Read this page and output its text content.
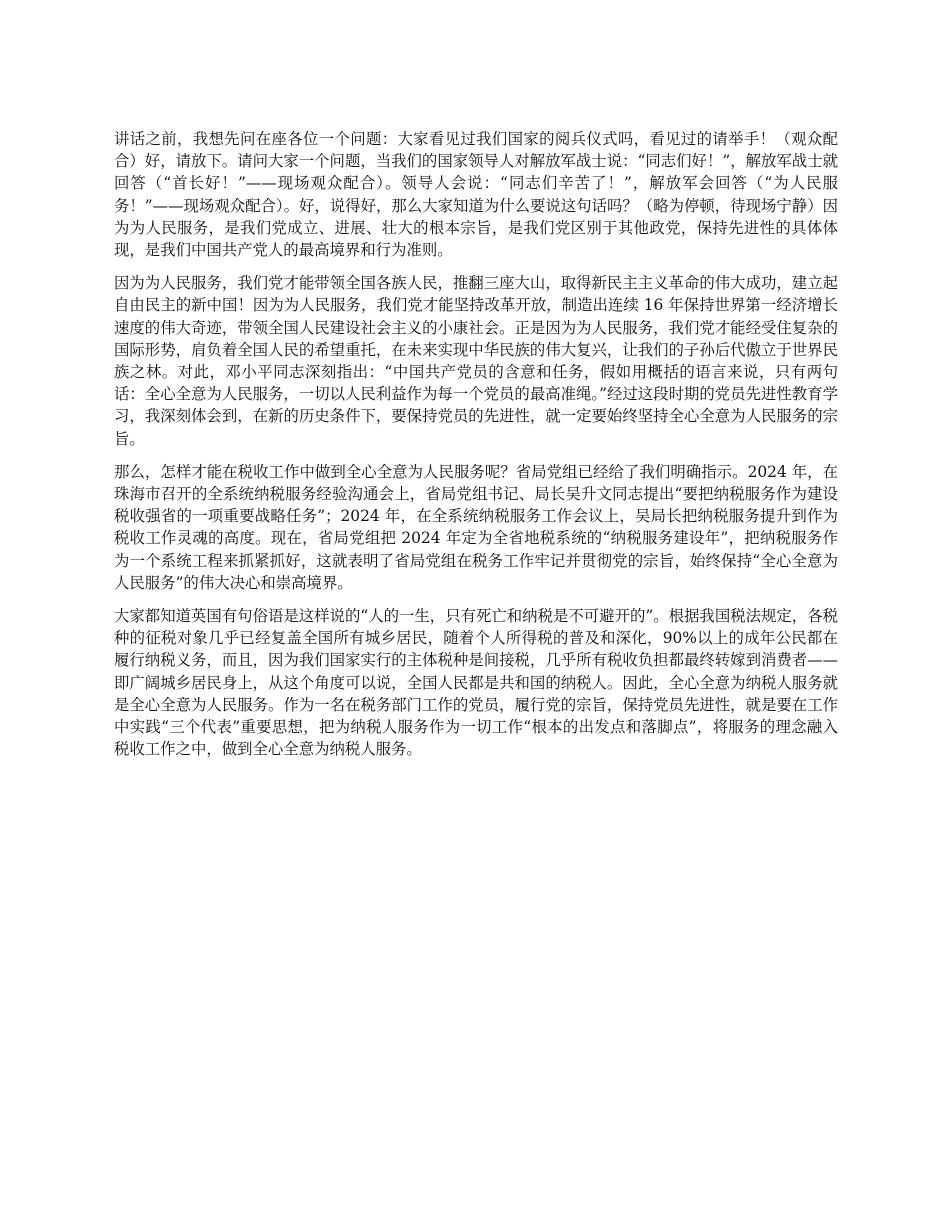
讲话之前，我想先问在座各位一个问题：大家看见过我们国家的阅兵仪式吗，看见过的请举手！（观众配合）好，请放下。请问大家一个问题，当我们的国家领导人对解放军战士说：“同志们好！”，解放军战士就回答（“首长好！”——现场观众配合）。领导人会说：“同志们辛苦了！”，解放军会回答（“为人民服务！”——现场观众配合）。好，说得好，那么大家知道为什么要说这句话吗？（略为停顿，待现场宁静）因为为人民服务，是我们党成立、进展、壮大的根本宗旨，是我们党区别于其他政党，保持先进性的具体体现，是我们中国共产党人的最高境界和行为准则。

因为为人民服务，我们党才能带领全国各族人民，推翻三座大山，取得新民主主义革命的伟大成功，建立起自由民主的新中国！因为为人民服务，我们党才能坚持改革开放，制造出连续 16 年保持世界第一经济增长速度的伟大奇迹，带领全国人民建设社会主义的小康社会。正是因为为人民服务，我们党才能经受住复杂的国际形势，肩负着全国人民的希望重托，在未来实现中华民族的伟大复兴，让我们的子孙后代傲立于世界民族之林。对此，邓小平同志深刻指出：“中国共产党员的含意和任务，假如用概括的语言来说，只有两句话：全心全意为人民服务，一切以人民利益作为每一个党员的最高准绳。”经过这段时期的党员先进性教育学习，我深刻体会到，在新的历史条件下，要保持党员的先进性，就一定要始终坚持全心全意为人民服务的宗旨。

那么，怎样才能在税收工作中做到全心全意为人民服务呢？省局党组已经给了我们明确指示。2024 年，在珠海市召开的全系统纳税服务经验沟通会上，省局党组书记、局长吴升文同志提出“要把纳税服务作为建设税收强省的一项重要战略任务”；2024 年，在全系统纳税服务工作会议上，吴局长把纳税服务提升到作为税收工作灵魂的高度。现在，省局党组把 2024 年定为全省地税系统的“纳税服务建设年”，把纳税服务作为一个系统工程来抓紧抓好，这就表明了省局党组在税务工作牢记并贯彻党的宗旨，始终保持“全心全意为人民服务”的伟大决心和崇高境界。

大家都知道英国有句俗语是这样说的“人的一生，只有死亡和纳税是不可避开的”。根据我国税法规定，各税种的征税对象几乎已经复盖全国所有城乡居民，随着个人所得税的普及和深化，90%以上的成年公民都在履行纳税义务，而且，因为我们国家实行的主体税种是间接税，几乎所有税收负担都最终转嫁到消费者——即广阔城乡居民身上，从这个角度可以说，全国人民都是共和国的纳税人。因此，全心全意为纳税人服务就是全心全意为人民服务。作为一名在税务部门工作的党员，履行党的宗旨，保持党员先进性，就是要在工作中实践“三个代表”重要思想，把为纳税人服务作为一切工作“根本的出发点和落脚点”，将服务的理念融入税收工作之中，做到全心全意为纳税人服务。
